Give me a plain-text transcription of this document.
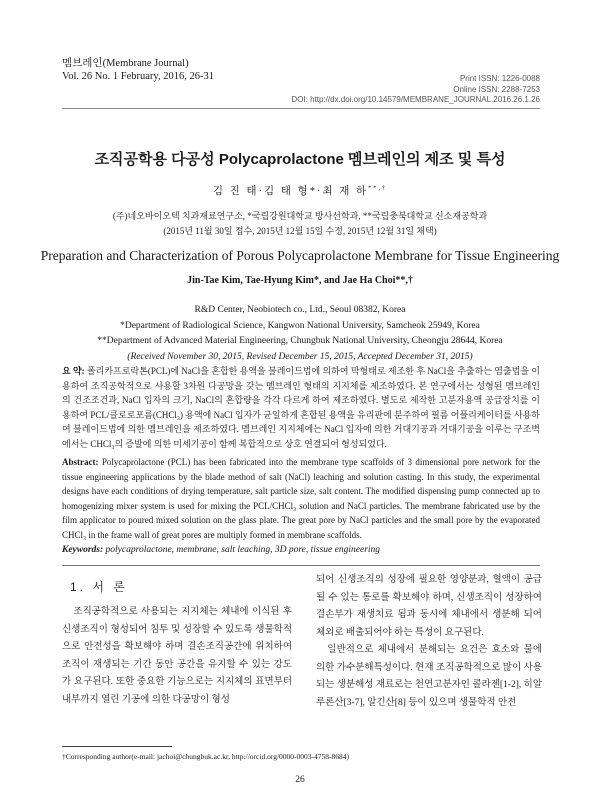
멤브레인(Membrane Journal)
Vol. 26 No. 1 February, 2016, 26-31	Print ISSN: 1226-0088
Online ISSN: 2288-7253
DOI: http://dx.doi.org/10.14579/MEMBRANE_JOURNAL.2016.26.1.26
조직공학용 다공성 Polycaprolactone 멤브레인의 제조 및 특성
김 진 태·김 태 형*·최 재 하**,†
(주)네오바이오텍 치과재료연구소, *국립강원대학교 방사선학과, **국립충북대학교 신소재공학과
(2015년 11월 30일 접수, 2015년 12월 15일 수정, 2015년 12월 31일 채택)
Preparation and Characterization of Porous Polycaprolactone Membrane for Tissue Engineering
Jin-Tae Kim, Tae-Hyung Kim*, and Jae Ha Choi**,†
R&D Center, Neobiotech co., Ltd., Seoul 08382, Korea
*Department of Radiological Science, Kangwon National University, Samcheok 25949, Korea
**Department of Advanced Material Engineering, Chungbuk National University, Cheongju 28644, Korea
(Received November 30, 2015, Revised December 15, 2015, Accepted December 31, 2015)
요 약: 폴리카프로락톤(PCL)에 NaCl을 혼합한 용액을 블레이드법에 의하여 막형태로 제조한 후 NaCl을 추출하는 염출법을 이용하여 조직공학적으로 사용할 3차원 다공망을 갖는 멤브레인 형태의 지지체를 제조하였다. 본 연구에서는 성형된 멤브레인의 건조조건과, NaCl 입자의 크기, NaCl의 혼합량을 각각 다르게 하여 제조하였다. 별도로 제작한 고분자용액 공급장치를 이용하여 PCL/클로로포름(CHCl₃) 용액에 NaCl 입자가 균일하게 혼합된 용액을 유리판에 분주하여 필름 어플리케이터를 사용하여 블레이드법에 의한 멤브레인을 제조하였다. 멤브레인 지지체에는 NaCl 입자에 의한 거대기공과 거대기공을 이루는 구조벽에서는 CHCl₃의 증발에 의한 미세기공이 함께 복합적으로 상호 연결되어 형성되었다.
Abstract: Polycaprolactone (PCL) has been fabricated into the membrane type scaffolds of 3 dimensional pore network for the tissue engineering applications by the blade method of salt (NaCl) leaching and solution casting. In this study, the experimental designs have each conditions of drying temperature, salt particle size, salt content. The modified dispensing pump connected up to homogenizing mixer system is used for mixing the PCL/CHCl₃ solution and NaCl particles. The membrane fabricated use by the film applicator to poured mixed solution on the glass plate. The great pore by NaCl particles and the small pore by the evaporated CHCl₃ in the frame wall of great pores are multiply formed in membrane scaffolds.
Keywords: polycaprolactone, membrane, salt leaching, 3D pore, tissue engineering
1. 서 론

조직공학적으로 사용되는 지지체는 체내에 이식된 후 신생조직이 형성되어 침투 및 성장할 수 있도록 생물학적으로 안전성을 확보해야 하며 결손조직공간에 위치하여 조직이 재생되는 기간 동안 공간을 유지할 수 있는 강도가 요구된다. 또한 중요한 기능으로는 지지체의 표면부터 내부까지 열린 기공에 의한 다공망이 형성

되어 신생조직의 성장에 필요한 영양분과, 혈액이 공급될 수 있는 통로를 확보해야 하며, 신생조직이 성장하여 결손부가 재생치료 됨과 동시에 체내에서 생분해 되어 체외로 배출되어야 하는 특성이 요구된다.

일반적으로 체내에서 분해되는 요건은 효소와 물에 의한 가수분해특성이다. 현재 조직공학적으로 많이 사용되는 생분해성 재료로는 천연고분자인 콜라젠[1-2], 히알루론산[3-7], 알긴산[8] 등이 있으며 생물학적 안전

†Corresponding author(e-mail: jachoi@chungbuk.ac.kr, http://orcid.org/0000-0003-4758-8684)
26
